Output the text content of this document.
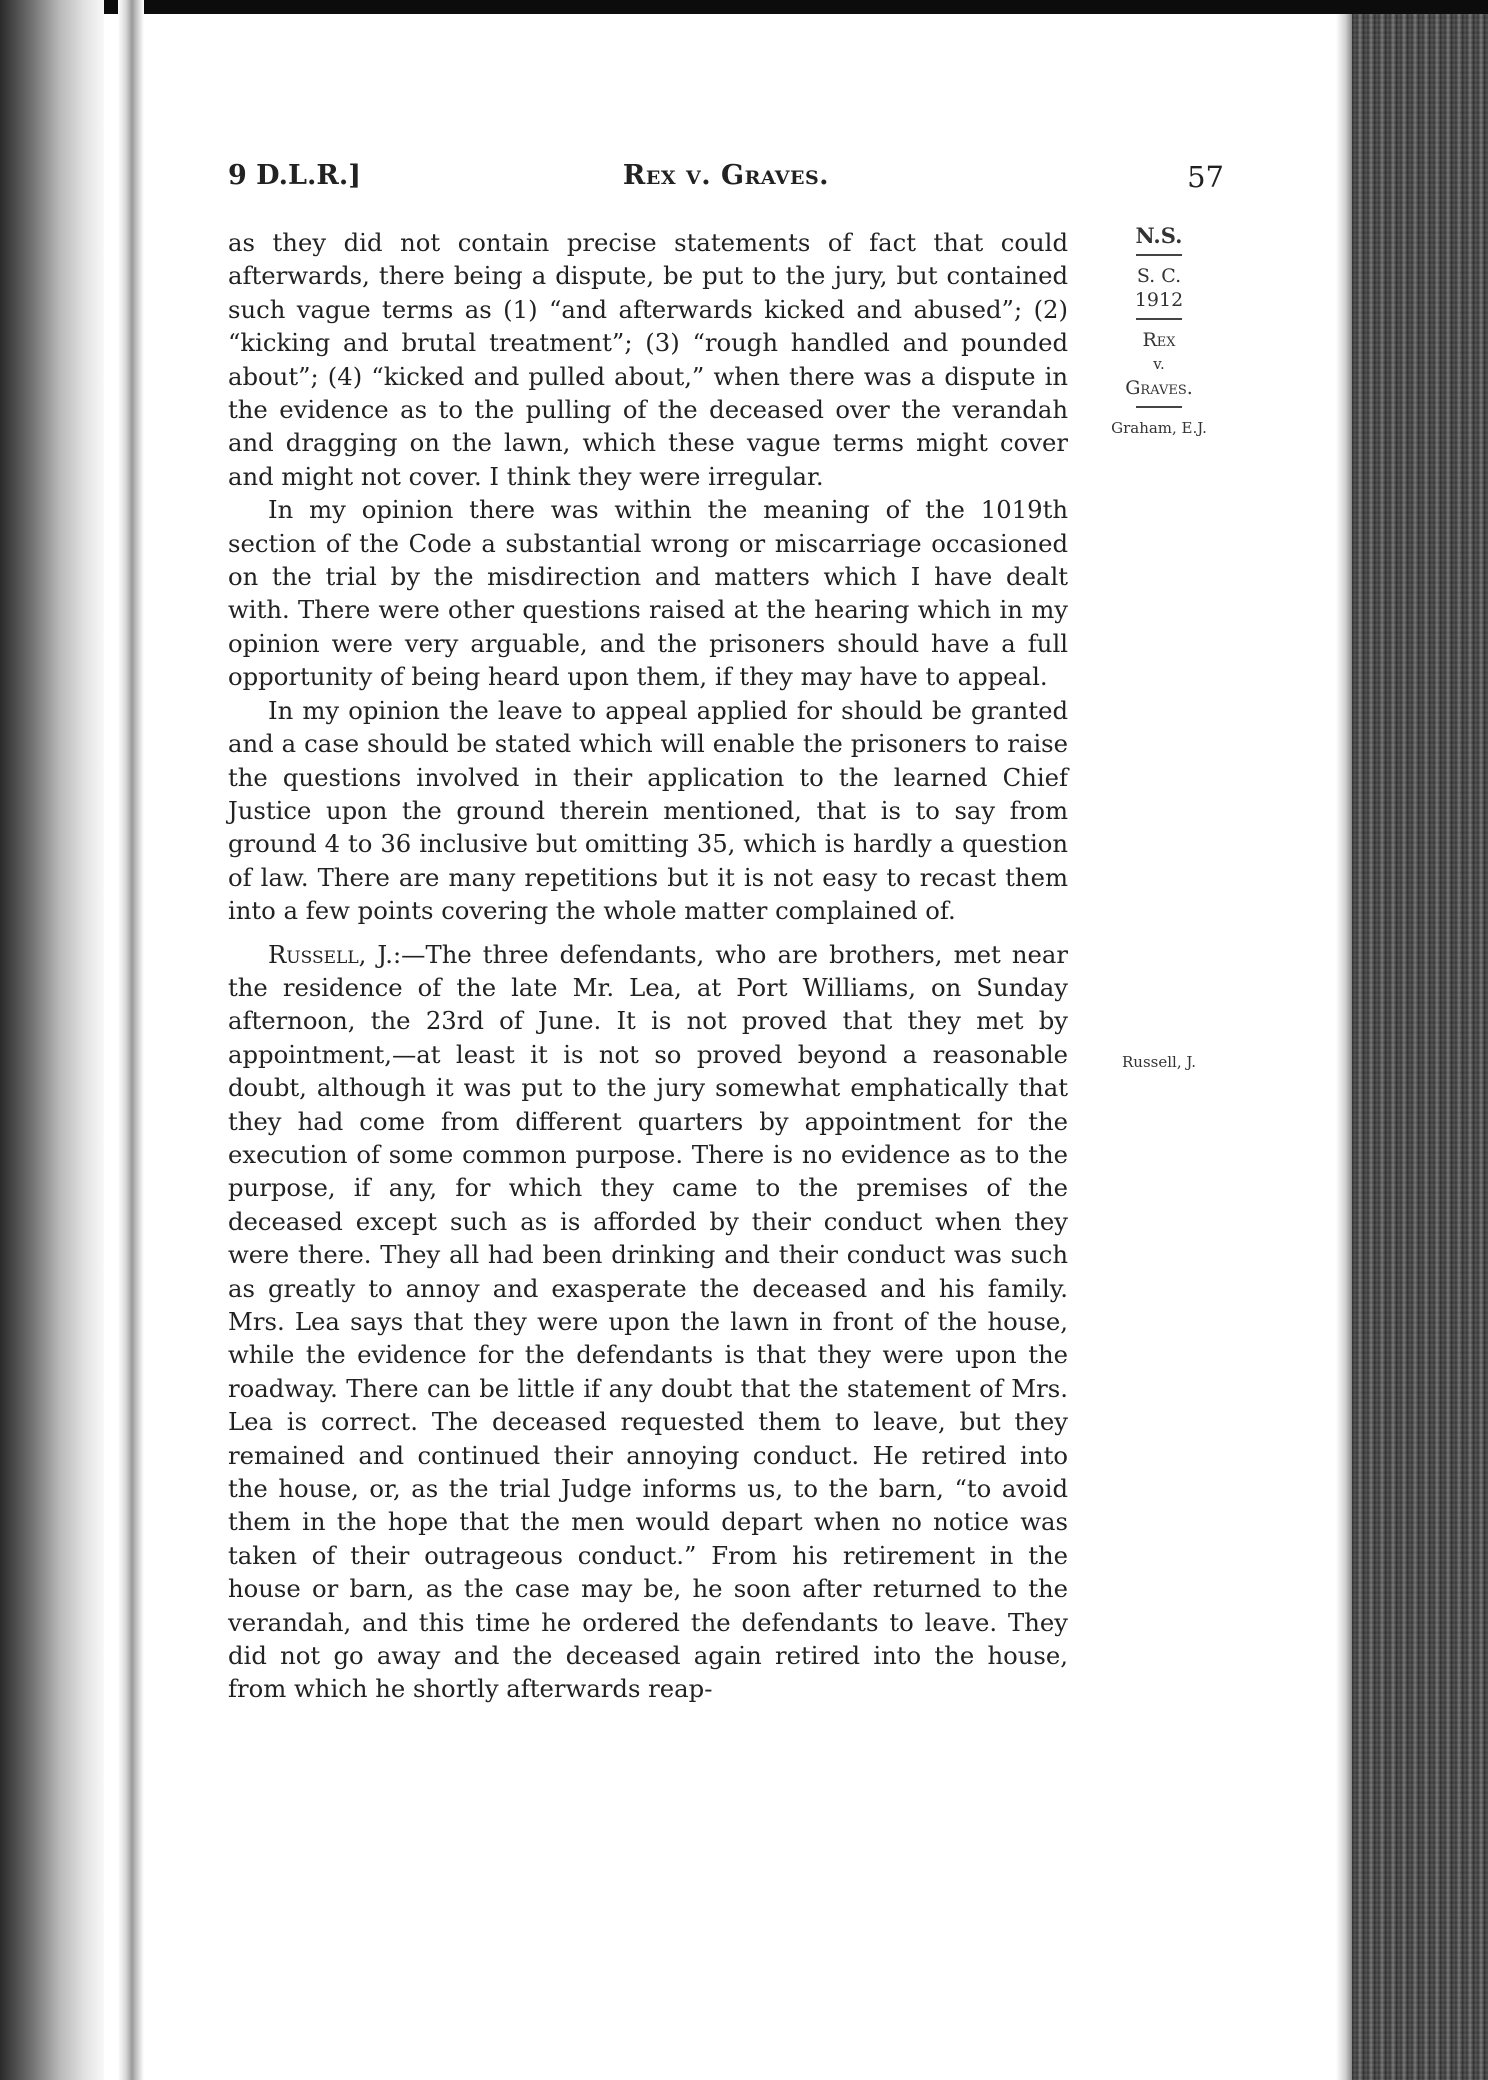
9 D.L.R.]	Rex v. Graves.	57
N.S.
S. C.
1912
Rex
v.
Graves.
Graham, E.J.
Russell, J.

as they did not contain precise statements of fact that could afterwards, there being a dispute, be put to the jury, but contained such vague terms as (1) “and afterwards kicked and abused”; (2) “kicking and brutal treatment”; (3) “rough handled and pounded about”; (4) “kicked and pulled about,” when there was a dispute in the evidence as to the pulling of the deceased over the verandah and dragging on the lawn, which these vague terms might cover and might not cover. I think they were irregular.

In my opinion there was within the meaning of the 1019th section of the Code a substantial wrong or miscarriage occasioned on the trial by the misdirection and matters which I have dealt with. There were other questions raised at the hearing which in my opinion were very arguable, and the prisoners should have a full opportunity of being heard upon them, if they may have to appeal.

In my opinion the leave to appeal applied for should be granted and a case should be stated which will enable the prisoners to raise the questions involved in their application to the learned Chief Justice upon the ground therein mentioned, that is to say from ground 4 to 36 inclusive but omitting 35, which is hardly a question of law. There are many repetitions but it is not easy to recast them into a few points covering the whole matter complained of.

Russell, J.:—The three defendants, who are brothers, met near the residence of the late Mr. Lea, at Port Williams, on Sunday afternoon, the 23rd of June. It is not proved that they met by appointment,—at least it is not so proved beyond a reasonable doubt, although it was put to the jury somewhat emphatically that they had come from different quarters by appointment for the execution of some common purpose. There is no evidence as to the purpose, if any, for which they came to the premises of the deceased except such as is afforded by their conduct when they were there. They all had been drinking and their conduct was such as greatly to annoy and exasperate the deceased and his family. Mrs. Lea says that they were upon the lawn in front of the house, while the evidence for the defendants is that they were upon the roadway. There can be little if any doubt that the statement of Mrs. Lea is correct. The deceased requested them to leave, but they remained and continued their annoying conduct. He retired into the house, or, as the trial Judge informs us, to the barn, “to avoid them in the hope that the men would depart when no notice was taken of their outrageous conduct.” From his retirement in the house or barn, as the case may be, he soon after returned to the verandah, and this time he ordered the defendants to leave. They did not go away and the deceased again retired into the house, from which he shortly afterwards reap-
